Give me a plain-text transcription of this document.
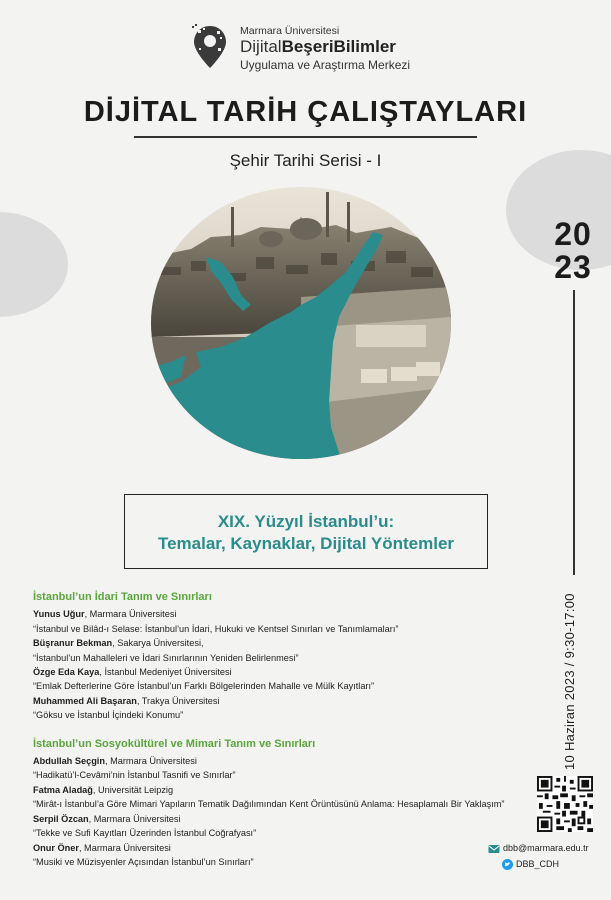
Marmara Üniversitesi
DijitalBeşeriBilimler
Uygulama ve Araştırma Merkezi
DİJİTAL TARİH ÇALIŞTAYLARI
Şehir Tarihi Serisi - I
20
23
10 Haziran 2023 / 9:30-17:00
XIX. Yüzyıl İstanbul’u:
Temalar, Kaynaklar, Dijital Yöntemler
İstanbul’un İdari Tanım ve Sınırları
Yunus Uğur, Marmara Üniversitesi
“İstanbul ve Bilâd-ı Selase: İstanbul’un İdari, Hukuki ve Kentsel Sınırları ve Tanımlamaları”
Büşranur Bekman, Sakarya Üniversitesi,
“İstanbul’un Mahalleleri ve İdari Sınırlarının Yeniden Belirlenmesi”
Özge Eda Kaya, İstanbul Medeniyet Üniversitesi
“Emlak Defterlerine Göre İstanbul’un Farklı Bölgelerinden Mahalle ve Mülk Kayıtları”
Muhammed Ali Başaran, Trakya Üniversitesi
“Göksu ve İstanbul İçindeki Konumu”
İstanbul’un Sosyokültürel ve Mimari Tanım ve Sınırları
Abdullah Seçgin, Marmara Üniversitesi
“Hadikatü’l-Cevâmi’nin İstanbul Tasnifi ve Sınırlar”
Fatma Aladağ, Universität Leipzig
“Mirât-ı İstanbul’a Göre Mimari Yapıların Tematik Dağılımından Kent Örüntüsünü Anlama: Hesaplamalı Bir Yaklaşım”
Serpil Özcan, Marmara Üniversitesi
“Tekke ve Sufi Kayıtları Üzerinden İstanbul Coğrafyası”
Onur Öner, Marmara Üniversitesi
“Musiki ve Müzisyenler Açısından İstanbul’un Sınırları”
dbb@marmara.edu.tr
DBB_CDH
